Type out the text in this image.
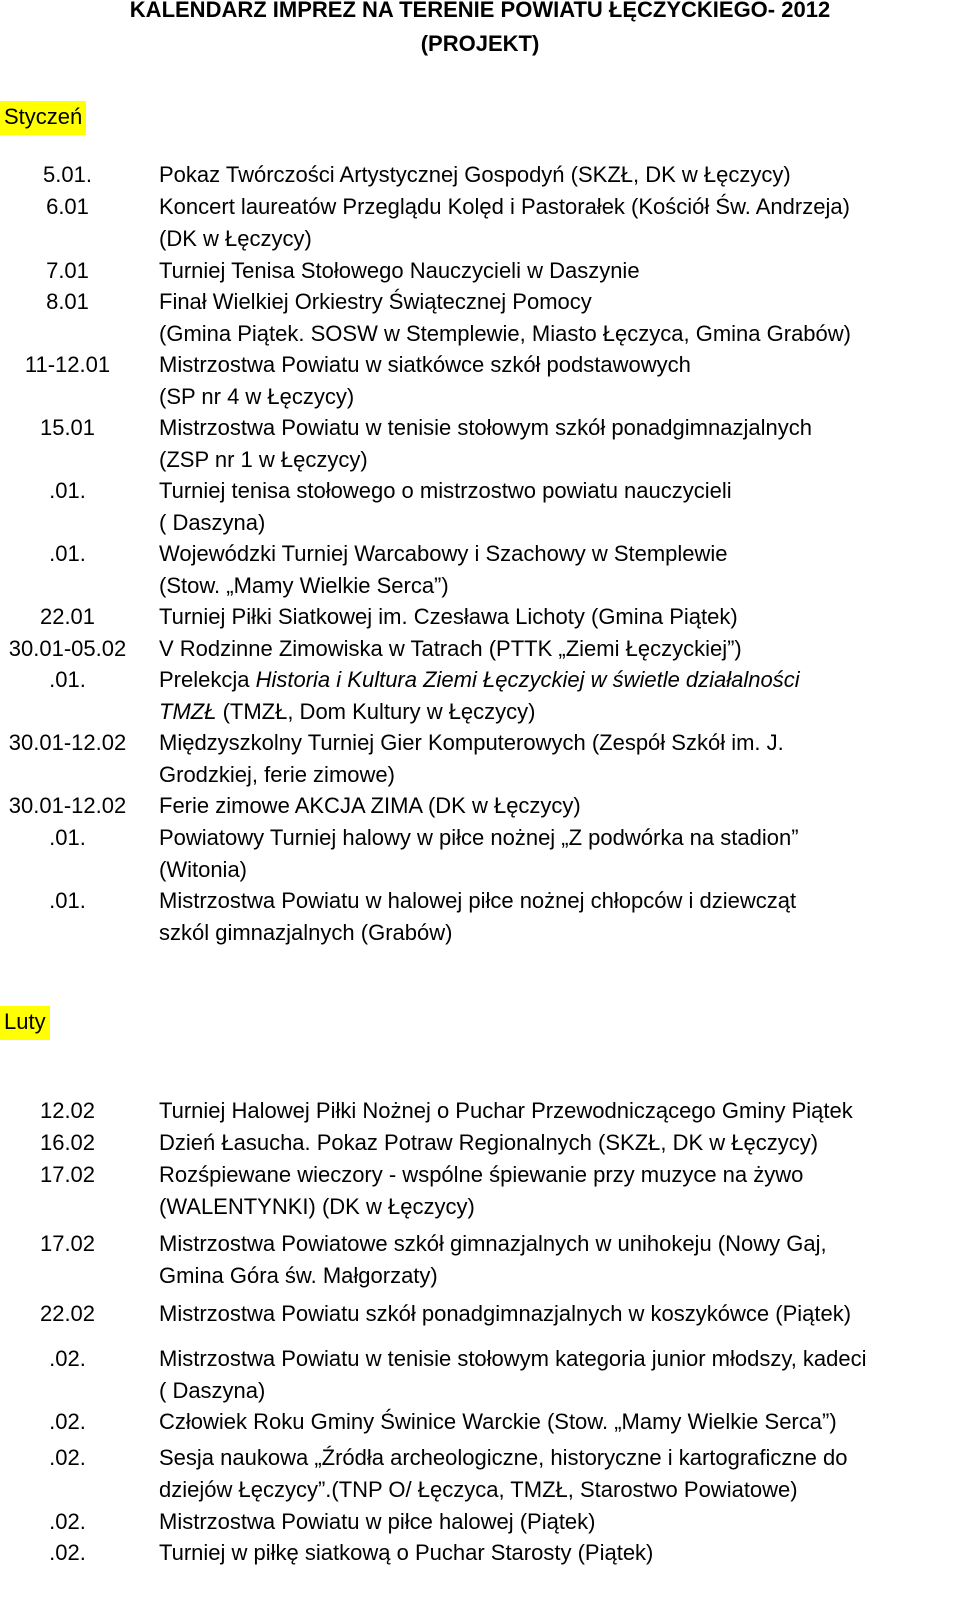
KALENDARZ IMPREZ NA TERENIE POWIATU ŁĘCZYCKIEGO- 2012
(PROJEKT)
Styczeń
5.01.	Pokaz Twórczości Artystycznej Gospodyń (SKZŁ, DK w Łęczycy)
6.01	Koncert laureatów Przeglądu Kolęd i Pastorałek (Kościół Św. Andrzeja)
(DK w Łęczycy)
7.01	Turniej Tenisa Stołowego Nauczycieli w Daszynie
8.01	Finał Wielkiej Orkiestry Świątecznej Pomocy
(Gmina Piątek. SOSW w Stemplewie, Miasto Łęczyca, Gmina Grabów)
11-12.01	Mistrzostwa Powiatu w siatkówce szkół podstawowych
(SP nr 4 w Łęczycy)
15.01	Mistrzostwa Powiatu w tenisie stołowym szkół ponadgimnazjalnych
(ZSP nr 1 w Łęczycy)
.01.	Turniej tenisa stołowego o mistrzostwo powiatu nauczycieli
( Daszyna)
.01.	Wojewódzki Turniej Warcabowy i Szachowy w Stemplewie
(Stow. „Mamy Wielkie Serca”)
22.01	Turniej Piłki Siatkowej im. Czesława Lichoty (Gmina Piątek)
30.01-05.02	V Rodzinne Zimowiska w Tatrach (PTTK „Ziemi Łęczyckiej”)
.01.	Prelekcja Historia i Kultura Ziemi Łęczyckiej w świetle działalności
TMZŁ (TMZŁ, Dom Kultury w Łęczycy)
30.01-12.02	Międzyszkolny Turniej Gier Komputerowych (Zespół Szkół im. J.
Grodzkiej, ferie zimowe)
30.01-12.02	Ferie zimowe AKCJA ZIMA (DK w Łęczycy)
.01.	Powiatowy Turniej halowy w piłce nożnej „Z podwórka na stadion”
(Witonia)
.01.	Mistrzostwa Powiatu w halowej piłce nożnej chłopców i dziewcząt
szkól gimnazjalnych (Grabów)
Luty
12.02	Turniej Halowej Piłki Nożnej o Puchar Przewodniczącego Gminy Piątek
16.02	Dzień Łasucha. Pokaz Potraw Regionalnych (SKZŁ, DK w Łęczycy)
17.02	Rozśpiewane wieczory - wspólne śpiewanie przy muzyce na żywo
(WALENTYNKI) (DK w Łęczycy)
17.02	Mistrzostwa Powiatowe szkół gimnazjalnych w unihokeju (Nowy Gaj,
Gmina Góra św. Małgorzaty)
22.02	Mistrzostwa Powiatu szkół ponadgimnazjalnych w koszykówce (Piątek)
.02.	Mistrzostwa Powiatu w tenisie stołowym kategoria junior młodszy, kadeci
( Daszyna)
.02.	Człowiek Roku Gminy Świnice Warckie (Stow. „Mamy Wielkie Serca”)
.02.	Sesja naukowa „Źródła archeologiczne, historyczne i kartograficzne do
dziejów Łęczycy”.(TNP O/ Łęczyca, TMZŁ, Starostwo Powiatowe)
.02.	Mistrzostwa Powiatu w piłce halowej (Piątek)
.02.	Turniej w piłkę siatkową o Puchar Starosty (Piątek)
